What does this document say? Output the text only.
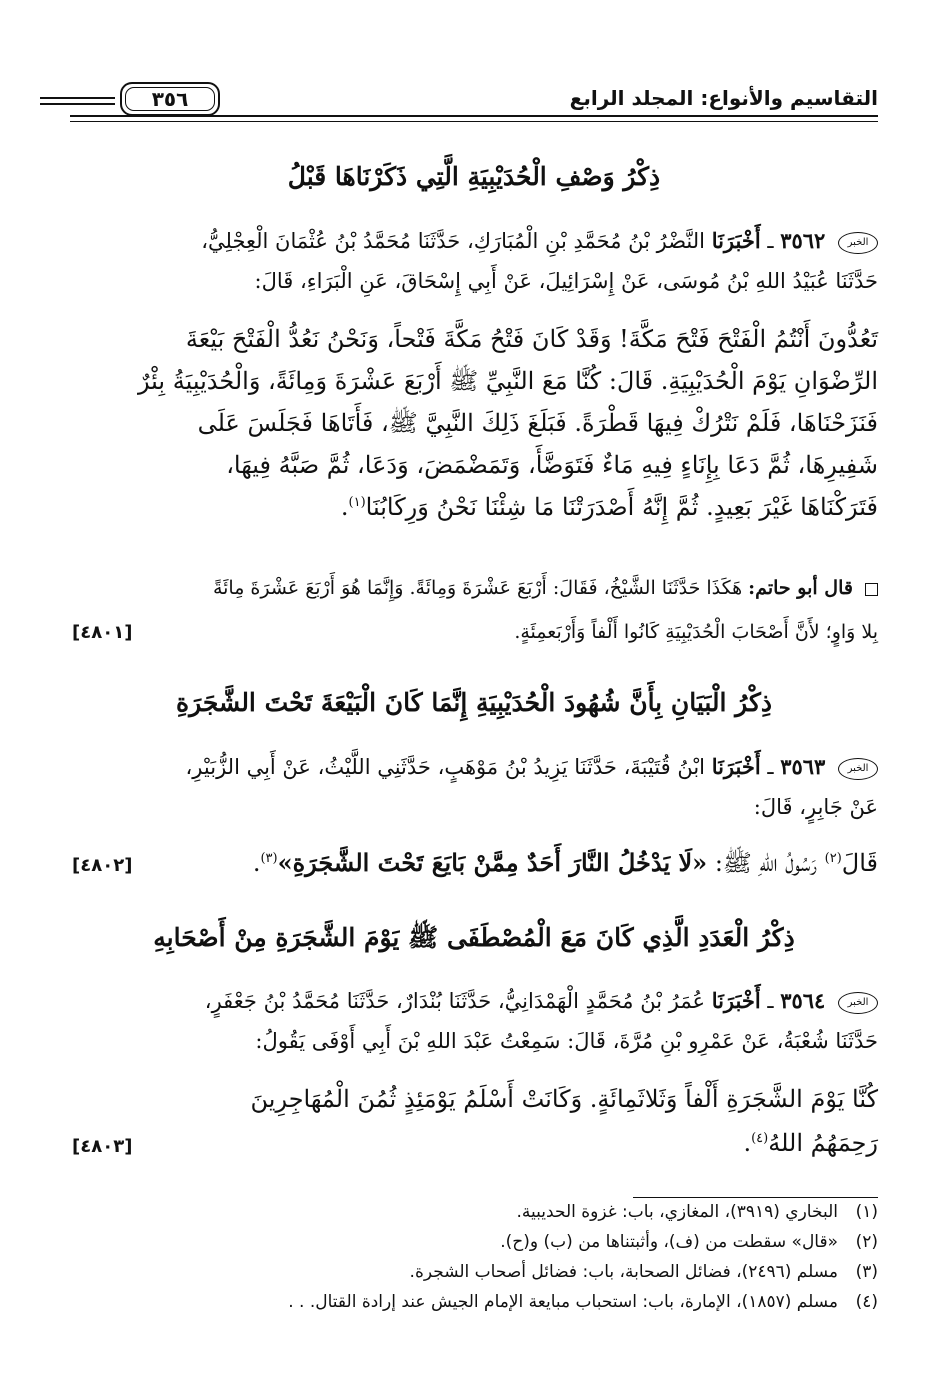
التقاسيم والأنواع: المجلد الرابع
٣٥٦
ذِكْرُ وَصْفِ الْحُدَيْبِيَةِ الَّتِي ذَكَرْنَاهَا قَبْلُ
الخبر ٣٥٦٢ ـ أَخْبَرَنَا النَّضْرُ بْنُ مُحَمَّدِ بْنِ الْمُبَارَكِ، حَدَّثَنَا مُحَمَّدُ بْنُ عُثْمَانَ الْعِجْلِيُّ،
حَدَّثَنَا عُبَيْدُ اللهِ بْنُ مُوسَى، عَنْ إِسْرَائِيلَ، عَنْ أَبِي إِسْحَاقَ، عَنِ الْبَرَاءِ، قَالَ:
تَعُدُّونَ أَنْتُمُ الْفَتْحَ فَتْحَ مَكَّةَ! وَقَدْ كَانَ فَتْحُ مَكَّةَ فَتْحاً، وَنَحْنُ نَعُدُّ الْفَتْحَ بَيْعَةَ
الرِّضْوَانِ يَوْمَ الْحُدَيْبِيَةِ. قَالَ: كُنَّا مَعَ النَّبِيِّ ﷺ أَرْبَعَ عَشْرَةَ وَمِائَةً، وَالْحُدَيْبِيَةُ بِئْرٌ
فَنَزَحْنَاهَا، فَلَمْ نَتْرُكْ فِيهَا قَطْرَةً. فَبَلَغَ ذَلِكَ النَّبِيَّ ﷺ، فَأَتَاهَا فَجَلَسَ عَلَى
شَفِيرِهَا، ثُمَّ دَعَا بِإِنَاءٍ فِيهِ مَاءٌ فَتَوَضَّأَ، وَتَمَضْمَضَ، وَدَعَا، ثُمَّ صَبَّهُ فِيهَا،
فَتَرَكْنَاهَا غَيْرَ بَعِيدٍ. ثُمَّ إِنَّهُ أَصْدَرَتْنَا مَا شِئْنَا نَحْنُ وَرِكَابُنَا$^{(١)}$.
قال أبو حاتم: هَكَذَا حَدَّثَنَا الشَّيْخُ، فَقَالَ: أَرْبَعَ عَشْرَةَ وَمِائَةً. وَإِنَّمَا هُوَ أَرْبَعَ عَشْرَةَ مِائَةً
بِلا وَاوٍ؛ لأَنَّ أَصْحَابَ الْحُدَيْبِيَةِ كَانُوا أَلْفاً وَأَرْبَعمِئَةٍ.
[٤٨٠١]
ذِكْرُ الْبَيَانِ بِأَنَّ شُهُودَ الْحُدَيْبِيَةِ إِنَّمَا كَانَ الْبَيْعَةَ تَحْتَ الشَّجَرَةِ
الخبر ٣٥٦٣ ـ أَخْبَرَنَا ابْنُ قُتَيْبَةَ، حَدَّثَنَا يَزِيدُ بْنُ مَوْهَبٍ، حَدَّثَنِي اللَّيْثُ، عَنْ أَبِي الزُّبَيْرِ،
عَنْ جَابِرٍ، قَالَ:
قَالَ$^{(٢)}$ رَسُولُ اللهِ ﷺ: «لَا يَدْخُلُ النَّارَ أَحَدٌ مِمَّنْ بَايَعَ تَحْتَ الشَّجَرَةِ»$^{(٣)}$.
[٤٨٠٢]
ذِكْرُ الْعَدَدِ الَّذِي كَانَ مَعَ الْمُصْطَفَى ﷺ يَوْمَ الشَّجَرَةِ مِنْ أَصْحَابِهِ
الخبر ٣٥٦٤ ـ أَخْبَرَنَا عُمَرُ بْنُ مُحَمَّدٍ الْهَمْدَانِيُّ، حَدَّثَنَا بُنْدَارٌ، حَدَّثَنَا مُحَمَّدُ بْنُ جَعْفَرٍ،
حَدَّثَنَا شُعْبَةُ، عَنْ عَمْرِو بْنِ مُرَّةَ، قَالَ: سَمِعْتُ عَبْدَ اللهِ بْنَ أَبِي أَوْفَى يَقُولُ:
كُنَّا يَوْمَ الشَّجَرَةِ أَلْفاً وَثَلاثَمِائَةٍ. وَكَانَتْ أَسْلَمُ يَوْمَئِذٍ ثُمُنَ الْمُهَاجِرِينَ
رَحِمَهُمُ اللهُ$^{(٤)}$.
[٤٨٠٣]
(١)البخاري (٣٩١٩)، المغازي، باب: غزوة الحديبية.
(٢)«قال» سقطت من (ف)، وأثبتناها من (ب) و(ح).
(٣)مسلم (٢٤٩٦)، فضائل الصحابة، باب: فضائل أصحاب الشجرة.
(٤)مسلم (١٨٥٧)، الإمارة، باب: استحباب مبايعة الإمام الجيش عند إرادة القتال. . .
